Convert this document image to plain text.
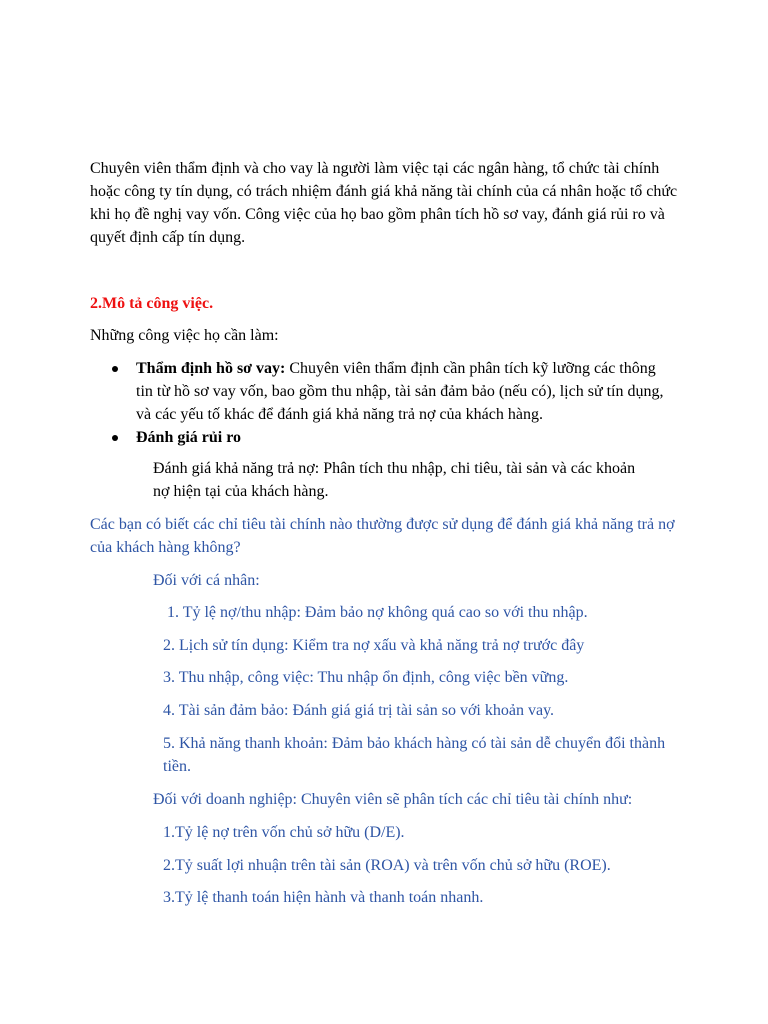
Chuyên viên thẩm định và cho vay là người làm việc tại các ngân hàng, tổ chức tài chính hoặc công ty tín dụng, có trách nhiệm đánh giá khả năng tài chính của cá nhân hoặc tổ chức khi họ đề nghị vay vốn. Công việc của họ bao gồm phân tích hồ sơ vay, đánh giá rủi ro và quyết định cấp tín dụng.

2.Mô tả công việc.
Những công việc họ cần làm:
Thẩm định hồ sơ vay: Chuyên viên thẩm định cần phân tích kỹ lưỡng các thông tin từ hồ sơ vay vốn, bao gồm thu nhập, tài sản đảm bảo (nếu có), lịch sử tín dụng, và các yếu tố khác để đánh giá khả năng trả nợ của khách hàng.
Đánh giá rủi ro

Đánh giá khả năng trả nợ: Phân tích thu nhập, chi tiêu, tài sản và các khoản nợ hiện tại của khách hàng.

Các bạn có biết các chỉ tiêu tài chính nào thường được sử dụng để đánh giá khả năng trả nợ của khách hàng không?

Đối với cá nhân:
1. Tỷ lệ nợ/thu nhập: Đảm bảo nợ không quá cao so với thu nhập.
2. Lịch sử tín dụng: Kiểm tra nợ xấu và khả năng trả nợ trước đây
3. Thu nhập, công việc: Thu nhập ổn định, công việc bền vững.
4. Tài sản đảm bảo: Đánh giá giá trị tài sản so với khoản vay.
5. Khả năng thanh khoản: Đảm bảo khách hàng có tài sản dễ chuyển đổi thành tiền.
Đối với doanh nghiệp: Chuyên viên sẽ phân tích các chỉ tiêu tài chính như:
1.Tỷ lệ nợ trên vốn chủ sở hữu (D/E).
2.Tỷ suất lợi nhuận trên tài sản (ROA) và trên vốn chủ sở hữu (ROE).
3.Tỷ lệ thanh toán hiện hành và thanh toán nhanh.
